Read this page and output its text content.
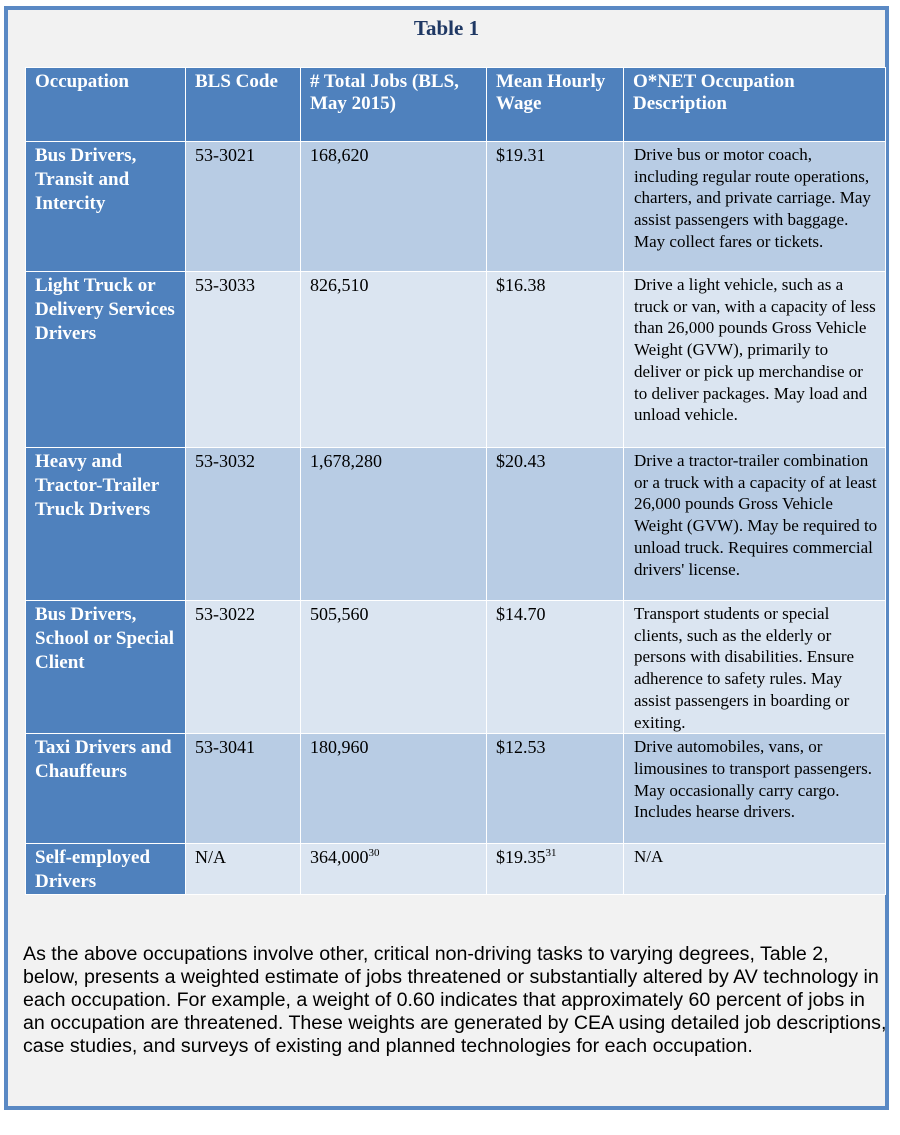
Table 1
Occupation	BLS Code	# Total Jobs (BLS, May 2015)	Mean Hourly Wage	O*NET Occupation Description
Bus Drivers, Transit and Intercity	53-3021	168,620	$19.31	Drive bus or motor coach, including regular route operations, charters, and private carriage. May assist passengers with baggage. May collect fares or tickets.
Light Truck or Delivery Services Drivers	53-3033	826,510	$16.38	Drive a light vehicle, such as a truck or van, with a capacity of less than 26,000 pounds Gross Vehicle Weight (GVW), primarily to deliver or pick up merchandise or to deliver packages. May load and unload vehicle.
Heavy and Tractor-Trailer Truck Drivers	53-3032	1,678,280	$20.43	Drive a tractor-trailer combination or a truck with a capacity of at least 26,000 pounds Gross Vehicle Weight (GVW). May be required to unload truck. Requires commercial drivers' license.
Bus Drivers, School or Special Client	53-3022	505,560	$14.70	Transport students or special clients, such as the elderly or persons with disabilities. Ensure adherence to safety rules. May assist passengers in boarding or exiting.
Taxi Drivers and Chauffeurs	53-3041	180,960	$12.53	Drive automobiles, vans, or limousines to transport passengers. May occasionally carry cargo. Includes hearse drivers.
Self-employed Drivers	N/A	364,000$^{30}$	$19.35$^{31}$	N/A
As the above occupations involve other, critical non-driving tasks to varying degrees, Table 2, below, presents a weighted estimate of jobs threatened or substantially altered by AV technology in each occupation. For example, a weight of 0.60 indicates that approximately 60 percent of jobs in an occupation are threatened. These weights are generated by CEA using detailed job descriptions, case studies, and surveys of existing and planned technologies for each occupation.
